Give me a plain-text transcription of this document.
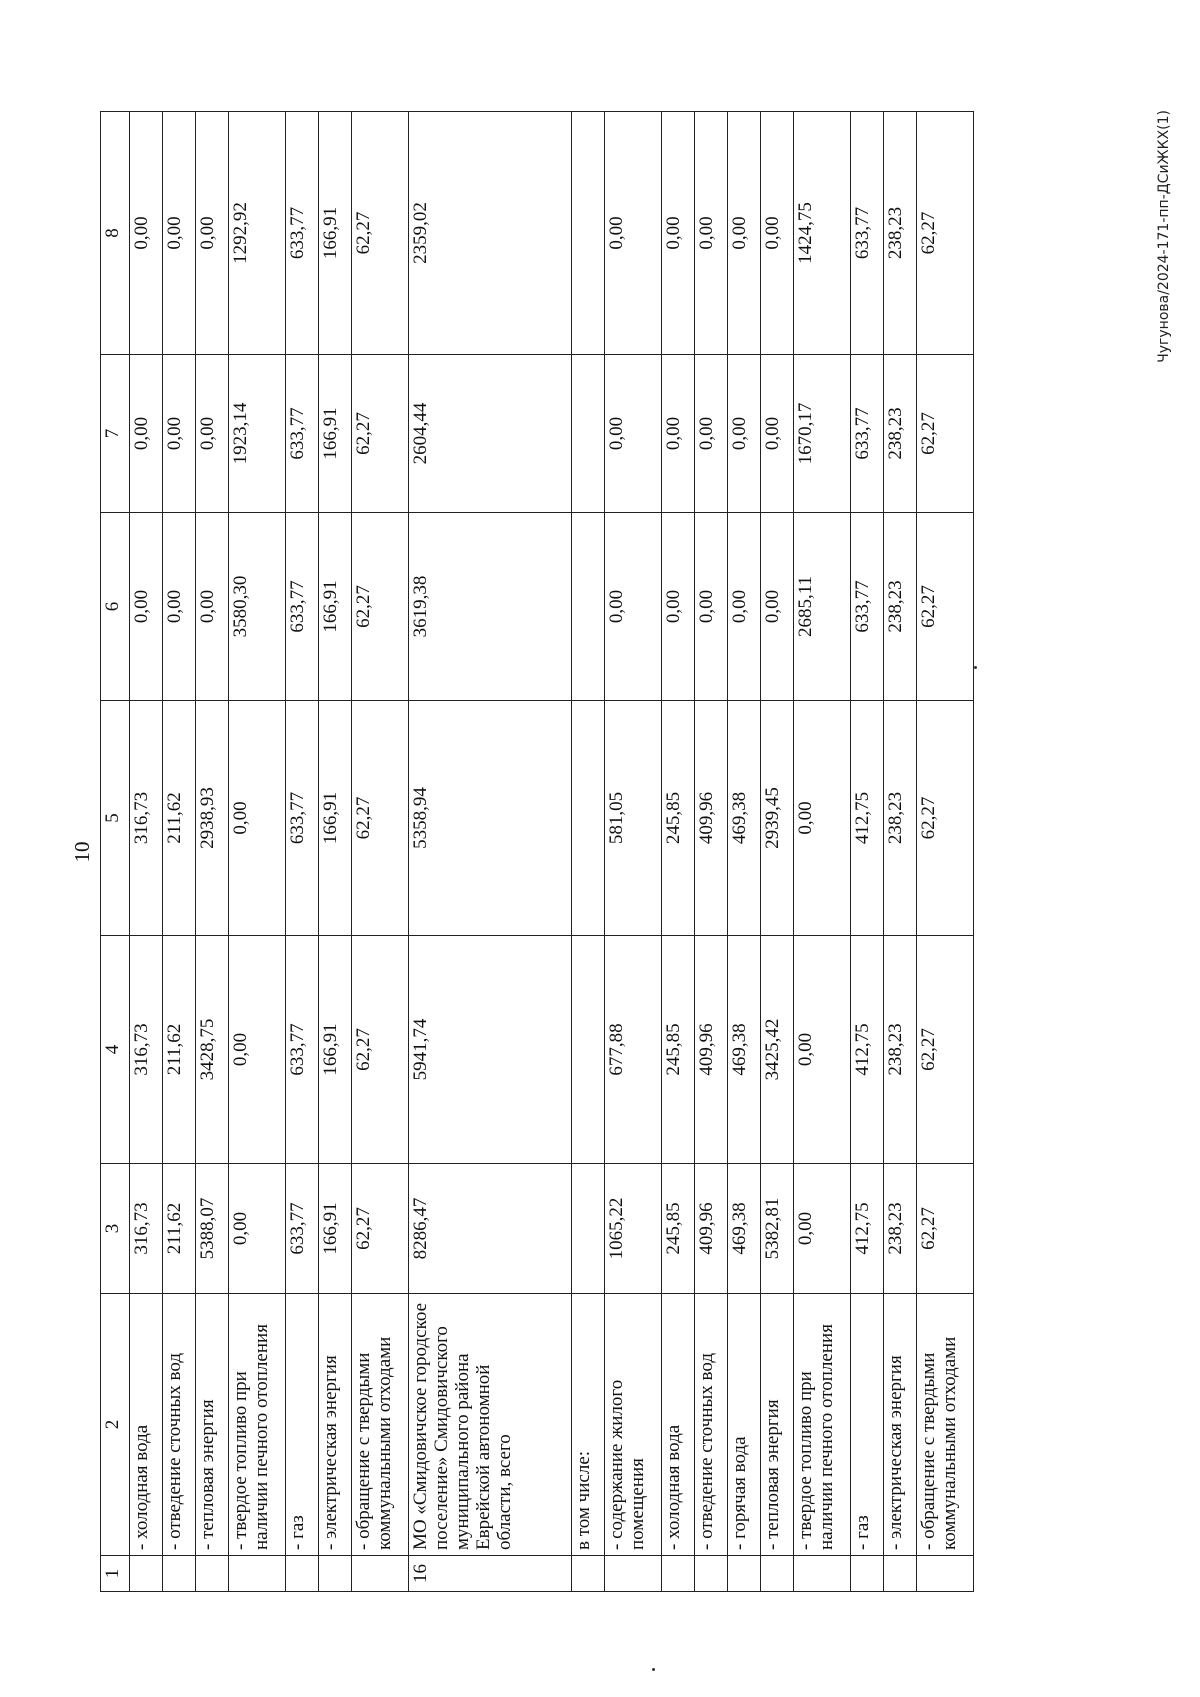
10
1	2	3	4	5	6	7	8
	- холодная вода	316,73	316,73	316,73	0,00	0,00	0,00
	- отведение сточных вод	211,62	211,62	211,62	0,00	0,00	0,00
	- тепловая энергия	5388,07	3428,75	2938,93	0,00	0,00	0,00
	- твердое топливо при наличии печного отопления	0,00	0,00	0,00	3580,30	1923,14	1292,92
	- газ	633,77	633,77	633,77	633,77	633,77	633,77
	- электрическая энергия	166,91	166,91	166,91	166,91	166,91	166,91
	- обращение с твердыми коммунальными отходами	62,27	62,27	62,27	62,27	62,27	62,27
16	МО «Смидовичское городское поселение» Смидовичского муниципального района Еврейской автономной области, всего	8286,47	5941,74	5358,94	3619,38	2604,44	2359,02
	в том числе:						
	- содержание жилого помещения	1065,22	677,88	581,05	0,00	0,00	0,00
	- холодная вода	245,85	245,85	245,85	0,00	0,00	0,00
	- отведение сточных вод	409,96	409,96	409,96	0,00	0,00	0,00
	- горячая вода	469,38	469,38	469,38	0,00	0,00	0,00
	- тепловая энергия	5382,81	3425,42	2939,45	0,00	0,00	0,00
	- твердое топливо при наличии печного отопления	0,00	0,00	0,00	2685,11	1670,17	1424,75
	- газ	412,75	412,75	412,75	633,77	633,77	633,77
	- электрическая энергия	238,23	238,23	238,23	238,23	238,23	238,23
	- обращение с твердыми коммунальными отходами	62,27	62,27	62,27	62,27	62,27	62,27	Чугунова/2024-171-пп-ДСиЖКХ(1)
